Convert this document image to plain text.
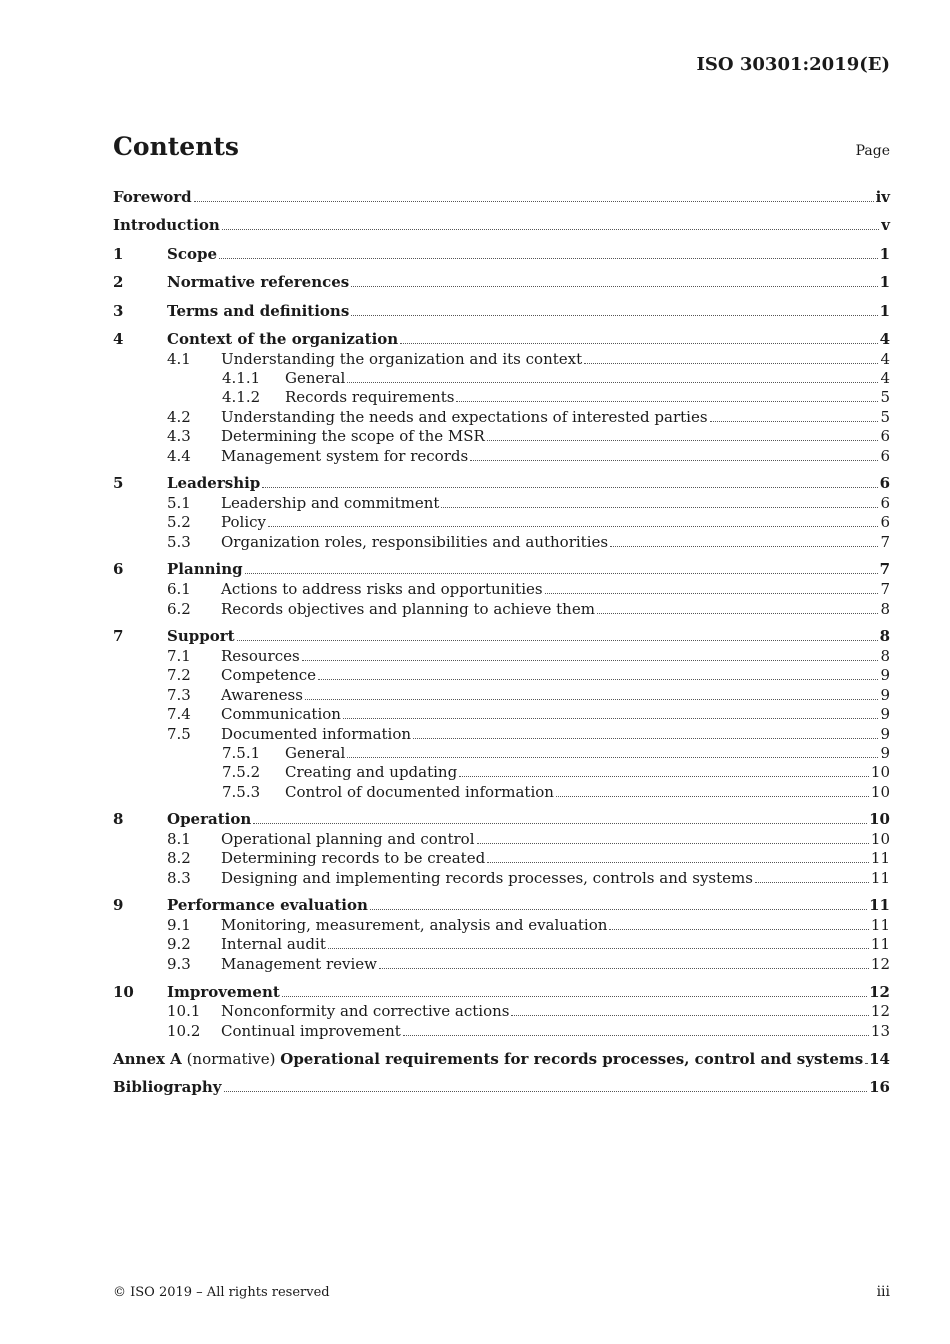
ISO 30301:2019(E)
Contents	Page
Foreword	iv
Introduction	v
1	Scope	1
2	Normative references	1
3	Terms and definitions	1
4	Context of the organization	4
4.1	Understanding the organization and its context	4
4.1.1	General	4
4.1.2	Records requirements	5
4.2	Understanding the needs and expectations of interested parties	5
4.3	Determining the scope of the MSR	6
4.4	Management system for records	6
5	Leadership	6
5.1	Leadership and commitment	6
5.2	Policy	6
5.3	Organization roles, responsibilities and authorities	7
6	Planning	7
6.1	Actions to address risks and opportunities	7
6.2	Records objectives and planning to achieve them	8
7	Support	8
7.1	Resources	8
7.2	Competence	9
7.3	Awareness	9
7.4	Communication	9
7.5	Documented information	9
7.5.1	General	9
7.5.2	Creating and updating	10
7.5.3	Control of documented information	10
8	Operation	10
8.1	Operational planning and control	10
8.2	Determining records to be created	11
8.3	Designing and implementing records processes, controls and systems	11
9	Performance evaluation	11
9.1	Monitoring, measurement, analysis and evaluation	11
9.2	Internal audit	11
9.3	Management review	12
10	Improvement	12
10.1	Nonconformity and corrective actions	12
10.2	Continual improvement	13
Annex A (normative) Operational requirements for records processes, control and systems 14
Bibliography	16
© ISO 2019 – All rights reserved	iii
